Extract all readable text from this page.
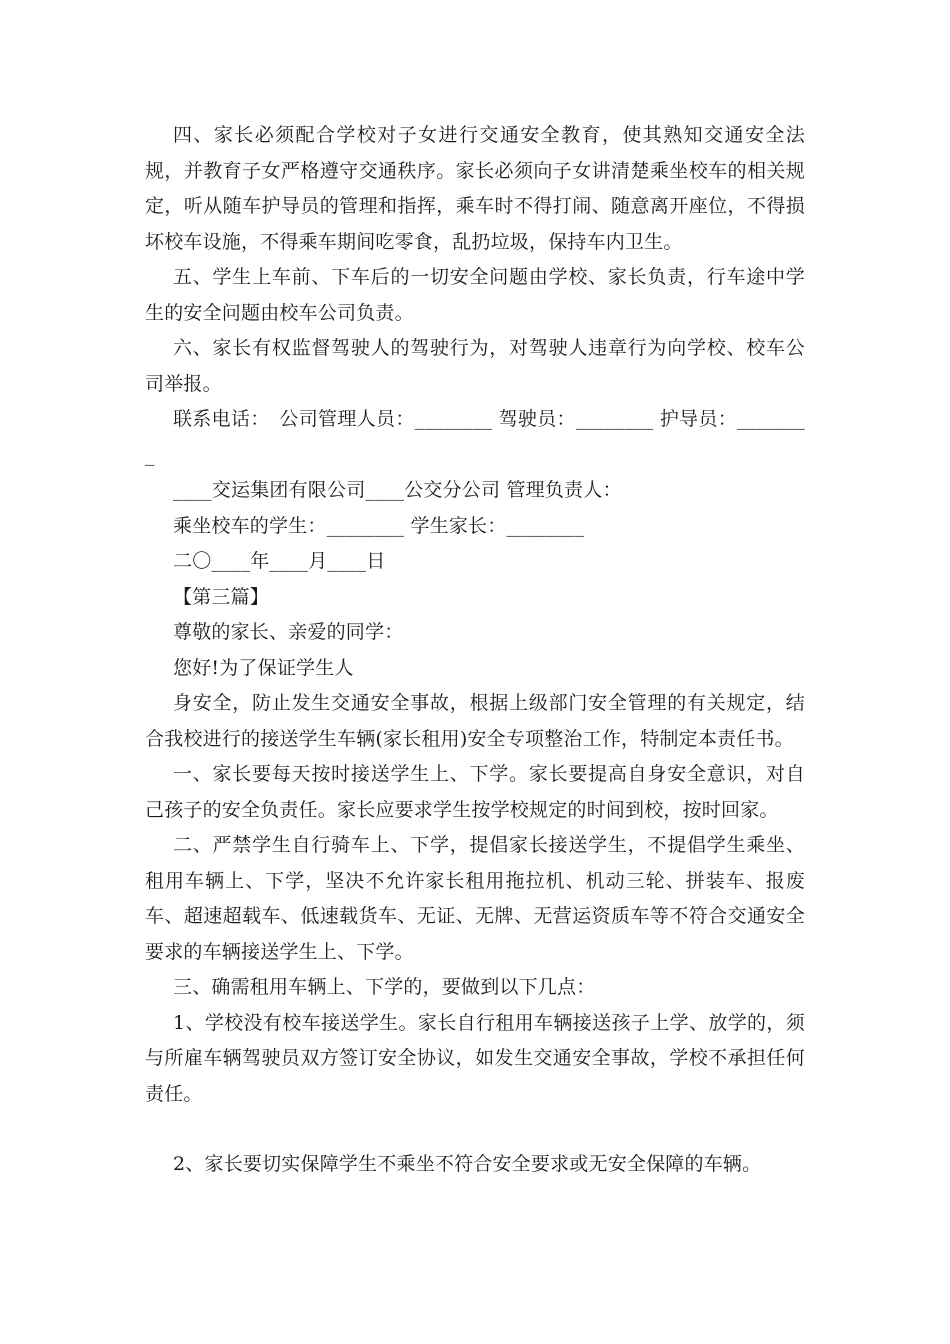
四、家长必须配合学校对子女进行交通安全教育，使其熟知交通安全法规，并教育子女严格遵守交通秩序。家长必须向子女讲清楚乘坐校车的相关规定，听从随车护导员的管理和指挥，乘车时不得打闹、随意离开座位，不得损坏校车设施，不得乘车期间吃零食，乱扔垃圾，保持车内卫生。

五、学生上车前、下车后的一切安全问题由学校、家长负责，行车途中学生的安全问题由校车公司负责。

六、家长有权监督驾驶人的驾驶行为，对驾驶人违章行为向学校、校车公司举报。

联系电话：　公司管理人员：________ 驾驶员：________ 护导员：________

____交运集团有限公司____公交分公司 管理负责人：

乘坐校车的学生：________ 学生家长：________

二〇____年____月____日

【第三篇】

尊敬的家长、亲爱的同学：

您好!为了保证学生人

身安全，防止发生交通安全事故，根据上级部门安全管理的有关规定，结合我校进行的接送学生车辆(家长租用)安全专项整治工作，特制定本责任书。

一、家长要每天按时接送学生上、下学。家长要提高自身安全意识，对自己孩子的安全负责任。家长应要求学生按学校规定的时间到校，按时回家。

二、严禁学生自行骑车上、下学，提倡家长接送学生，不提倡学生乘坐、租用车辆上、下学，坚决不允许家长租用拖拉机、机动三轮、拼装车、报废车、超速超载车、低速载货车、无证、无牌、无营运资质车等不符合交通安全要求的车辆接送学生上、下学。

三、确需租用车辆上、下学的，要做到以下几点：

1、学校没有校车接送学生。家长自行租用车辆接送孩子上学、放学的，须与所雇车辆驾驶员双方签订安全协议，如发生交通安全事故，学校不承担任何责任。

2、家长要切实保障学生不乘坐不符合安全要求或无安全保障的车辆。
